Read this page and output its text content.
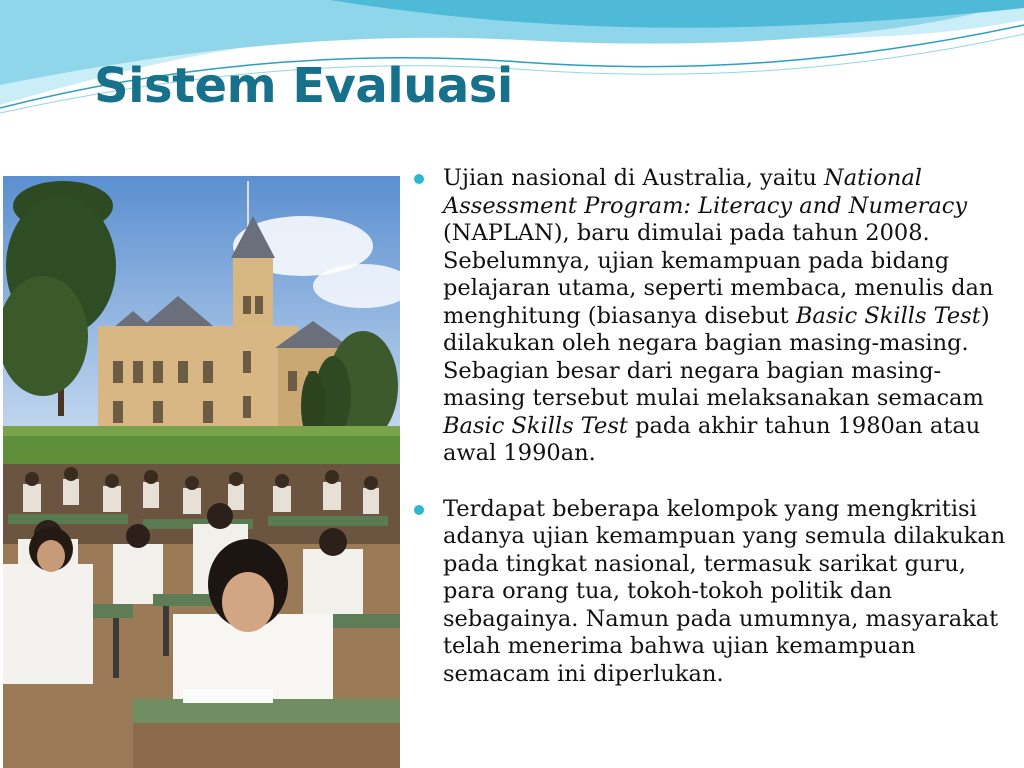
Sistem Evaluasi
Ujian nasional di Australia, yaitu National Assessment Program: Literacy and Numeracy (NAPLAN), baru dimulai pada tahun 2008. Sebelumnya, ujian kemampuan pada bidang pelajaran utama, seperti membaca, menulis dan menghitung (biasanya disebut Basic Skills Test) dilakukan oleh negara bagian masing-masing. Sebagian besar dari negara bagian masing-masing tersebut mulai melaksanakan semacam Basic Skills Test pada akhir tahun 1980an atau awal 1990an.
Terdapat beberapa kelompok yang mengkritisi adanya ujian kemampuan yang semula dilakukan pada tingkat nasional, termasuk sarikat guru, para orang tua, tokoh-tokoh politik dan sebagainya. Namun pada umumnya, masyarakat telah menerima bahwa ujian kemampuan semacam ini diperlukan.
